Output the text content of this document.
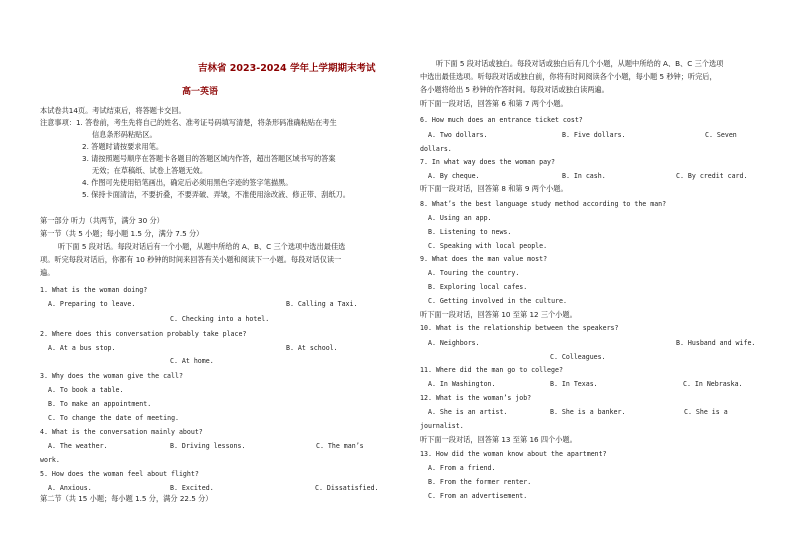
吉林省 2023-2024 学年上学期期末考试
高一英语
本试卷共14页。考试结束后，将答题卡交回。
注意事项：1. 答卷前，考生先将自己的姓名、准考证号码填写清楚，将条形码准确粘贴在考生
信息条形码粘贴区。
2. 答题时请按要求用笔。
3. 请按照题号顺序在答题卡各题目的答题区域内作答，超出答题区域书写的答案
无效；在草稿纸、试卷上答题无效。
4. 作图可先使用铅笔画出，确定后必须用黑色字迹的签字笔描黑。
5. 保持卡面清洁，不要折叠，不要弄破、弄皱，不准使用涂改液、修正带、刮纸刀。
第一部分 听力（共两节，满分 30 分）
第一节（共 5 小题；每小题 1.5 分，满分 7.5 分）
听下面 5 段对话。每段对话后有一个小题，从题中所给的 A、B、C 三个选项中选出最佳选
项。听完每段对话后，你都有 10 秒钟的时间来回答有关小题和阅读下一小题。每段对话仅读一
遍。
1. What is the woman doing?
A. Preparing to leave.	B. Calling a Taxi.
C. Checking into a hotel.
2. Where does this conversation probably take place?
A. At a bus stop.	B. At school.
C. At home.
3. Why does the woman give the call?
A. To book a table.
B. To make an appointment.
C. To change the date of meeting.
4. What is the conversation mainly about?
A. The weather.	B. Driving lessons.	C. The man’s
work.
5. How does the woman feel about flight?
A. Anxious.	B. Excited.	C. Dissatisfied.
第二节（共 15 小题；每小题 1.5 分，满分 22.5 分）
听下面 5 段对话或独白。每段对话或独白后有几个小题，从题中所给的 A、B、C 三个选项
中选出最佳选项。听每段对话或独白前，你将有时间阅读各个小题，每小题 5 秒钟；听完后，
各小题将给出 5 秒钟的作答时间。每段对话或独白读两遍。
听下面一段对话，回答第 6 和第 7 两个小题。
6. How much does an entrance ticket cost?
A. Two dollars.	B. Five dollars.	C. Seven
dollars.
7. In what way does the woman pay?
A. By cheque.	B. In cash.	C. By credit card.
听下面一段对话，回答第 8 和第 9 两个小题。
8. What’s the best language study method according to the man?
A. Using an app.
B. Listening to news.
C. Speaking with local people.
9. What does the man value most?
A. Touring the country.
B. Exploring local cafes.
C. Getting involved in the culture.
听下面一段对话，回答第 10 至第 12 三个小题。
10. What is the relationship between the speakers?
A. Neighbors.	B. Husband and wife.
C. Colleagues.
11. Where did the man go to college?
A. In Washington.	B. In Texas.	C. In Nebraska.
12. What is the woman’s job?
A. She is an artist.	B. She is a banker.	C. She is a
journalist.
听下面一段对话，回答第 13 至第 16 四个小题。
13. How did the woman know about the apartment?
A. From a friend.
B. From the former renter.
C. From an advertisement.
